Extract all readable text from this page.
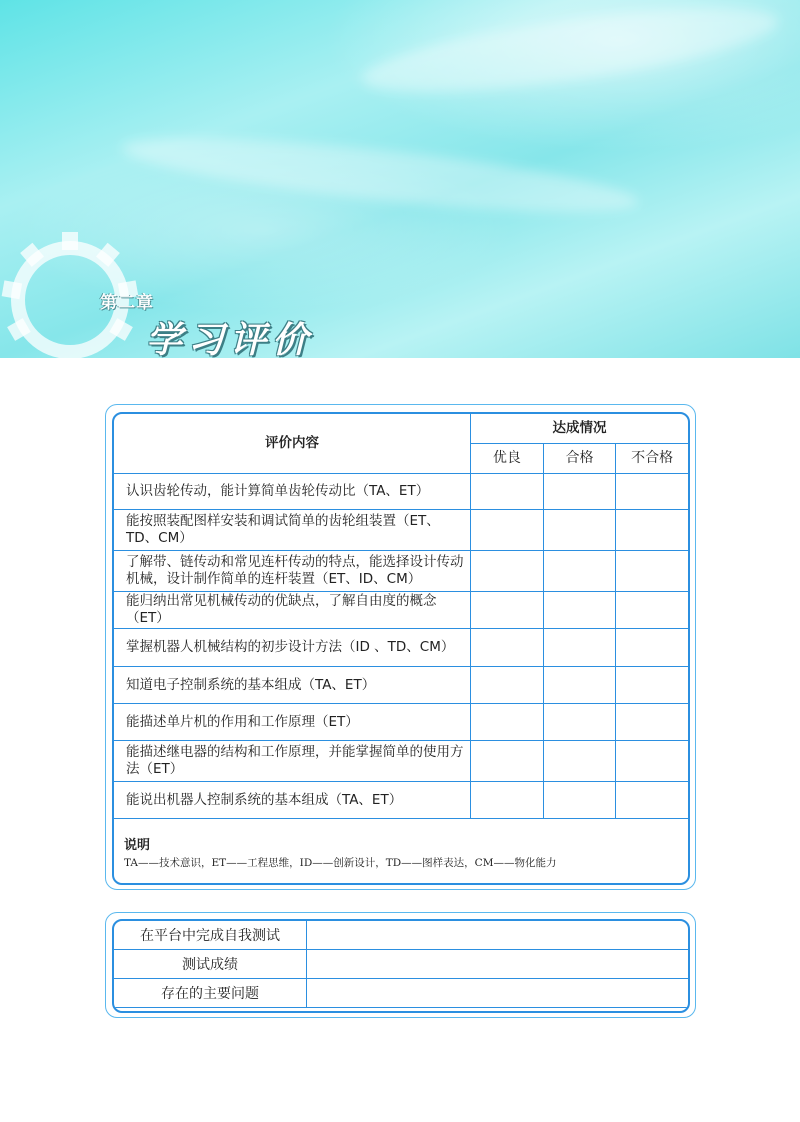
第二章
学习评价
评价内容	达成情况		
	优良	合格	不合格
认识齿轮传动，能计算简单齿轮传动比（TA、ET）			
能按照装配图样安装和调试简单的齿轮组装置（ET、TD、CM）			
了解带、链传动和常见连杆传动的特点，能选择设计传动机械，设计制作简单的连杆装置（ET、ID、CM）			
能归纳出常见机械传动的优缺点，了解自由度的概念（ET）			
掌握机器人机械结构的初步设计方法（ID 、TD、CM）			
知道电子控制系统的基本组成（TA、ET）			
能描述单片机的作用和工作原理（ET）			
能描述继电器的结构和工作原理，并能掌握简单的使用方法（ET）			
能说出机器人控制系统的基本组成（TA、ET）			
说明
TA——技术意识，ET——工程思维，ID——创新设计，TD——图样表达，CM——物化能力
在平台中完成自我测试	
测试成绩	
存在的主要问题	
